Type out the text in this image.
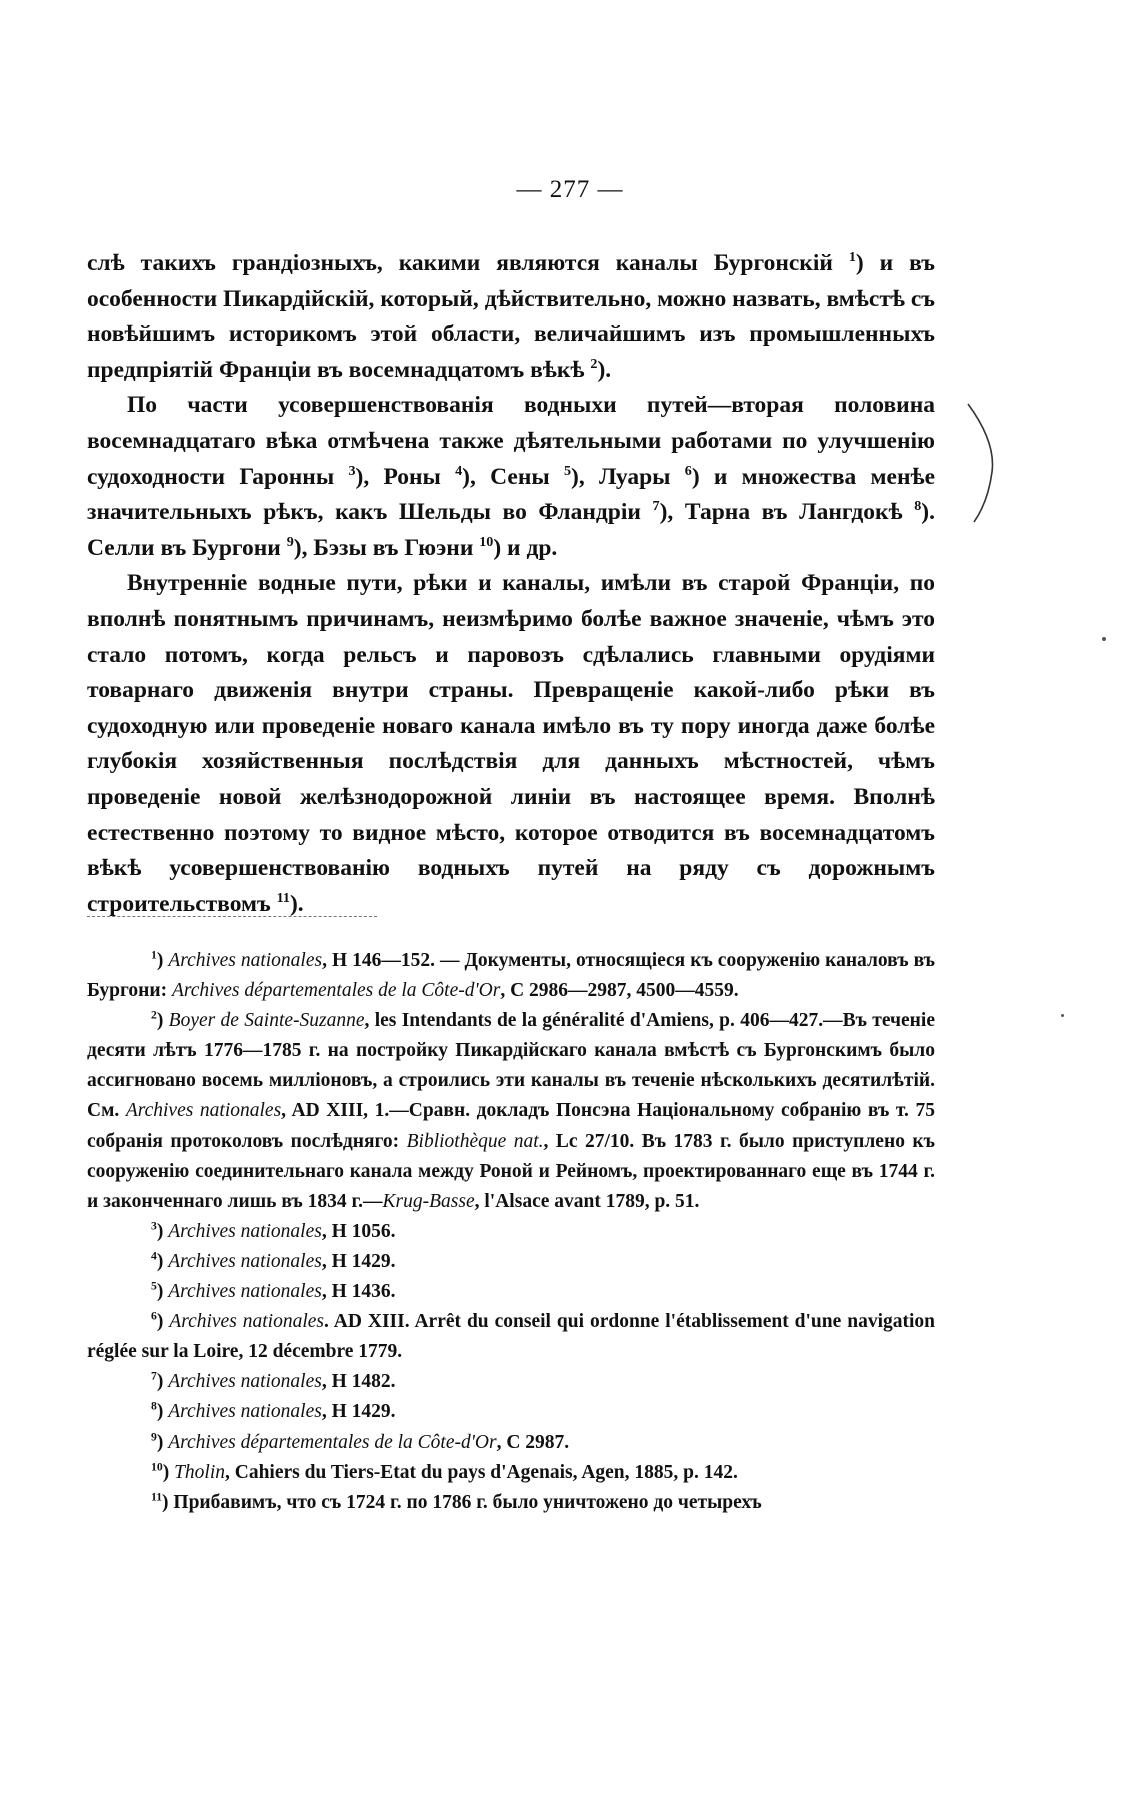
— 277 —

слѣ такихъ грандіозныхъ, какими являются каналы Бургонскій $^1$) и въ особенности Пикардійскій, который, дѣйствительно, можно назвать, вмѣстѣ съ новѣйшимъ историкомъ этой области, величайшимъ изъ промышленныхъ предпріятій Франціи въ восемнадцатомъ вѣкѣ $^2$).

По части усовершенствованія водныхи путей—вторая половина восемнадцатаго вѣка отмѣчена также дѣятельными работами по улучшенію судоходности Гаронны $^3$), Роны $^4$), Сены $^5$), Луары $^6$) и множества менѣе значительныхъ рѣкъ, какъ Шельды во Фландріи $^7$), Тарна въ Лангдокѣ $^8$). Селли въ Бургони $^9$), Бэзы въ Гюэни $^{10}$) и др.

Внутренніе водные пути, рѣки и каналы, имѣли въ старой Франціи, по вполнѣ понятнымъ причинамъ, неизмѣримо болѣе важное значеніе, чѣмъ это стало потомъ, когда рельсъ и паровозъ сдѣлались главными орудіями товарнаго движенія внутри страны. Превращеніе какой-либо рѣки въ судоходную или проведеніе новаго канала имѣло въ ту пору иногда даже болѣе глубокія хозяйственныя послѣдствія для данныхъ мѣстностей, чѣмъ проведеніе новой желѣзнодорожной линіи въ настоящее время. Вполнѣ естественно поэтому то видное мѣсто, которое отводится въ восемнадцатомъ вѣкѣ усовершенствованію водныхъ путей на ряду съ дорожнымъ строительствомъ $^{11}$).

$^1$) Archives nationales, H 146—152. — Документы, относящіеся къ сооруженію каналовъ въ Бургони: Archives départementales de la Côte-d'Or, C 2986—2987, 4500—4559.

$^2$) Boyer de Sainte-Suzanne, les Intendants de la généralité d'Amiens, p. 406—427.—Въ теченіе десяти лѣтъ 1776—1785 г. на постройку Пикардійскаго канала вмѣстѣ съ Бургонскимъ было ассигновано восемь милліоновъ, а строились эти каналы въ теченіе нѣсколькихъ десятилѣтій. См. Archives nationales, AD XIII, 1.—Сравн. докладъ Понсэна Національному собранію въ т. 75 собранія протоколовъ послѣдняго: Bibliothèque nat., Lc 27/10. Въ 1783 г. было приступлено къ сооруженію соединительнаго канала между Роной и Рейномъ, проектированнаго еще въ 1744 г. и законченнаго лишь въ 1834 г.—Krug-Basse, l'Alsace avant 1789, p. 51.

$^3$) Archives nationales, H 1056.

$^4$) Archives nationales, H 1429.

$^5$) Archives nationales, H 1436.

$^6$) Archives nationales. AD XIII. Arrêt du conseil qui ordonne l'établissement d'une navigation réglée sur la Loire, 12 décembre 1779.

$^7$) Archives nationales, H 1482.

$^8$) Archives nationales, H 1429.

$^9$) Archives départementales de la Côte-d'Or, C 2987.

$^{10}$) Tholin, Cahiers du Tiers-Etat du pays d'Agenais, Agen, 1885, p. 142.

$^{11}$) Прибавимъ, что съ 1724 г. по 1786 г. было уничтожено до четырехъ
